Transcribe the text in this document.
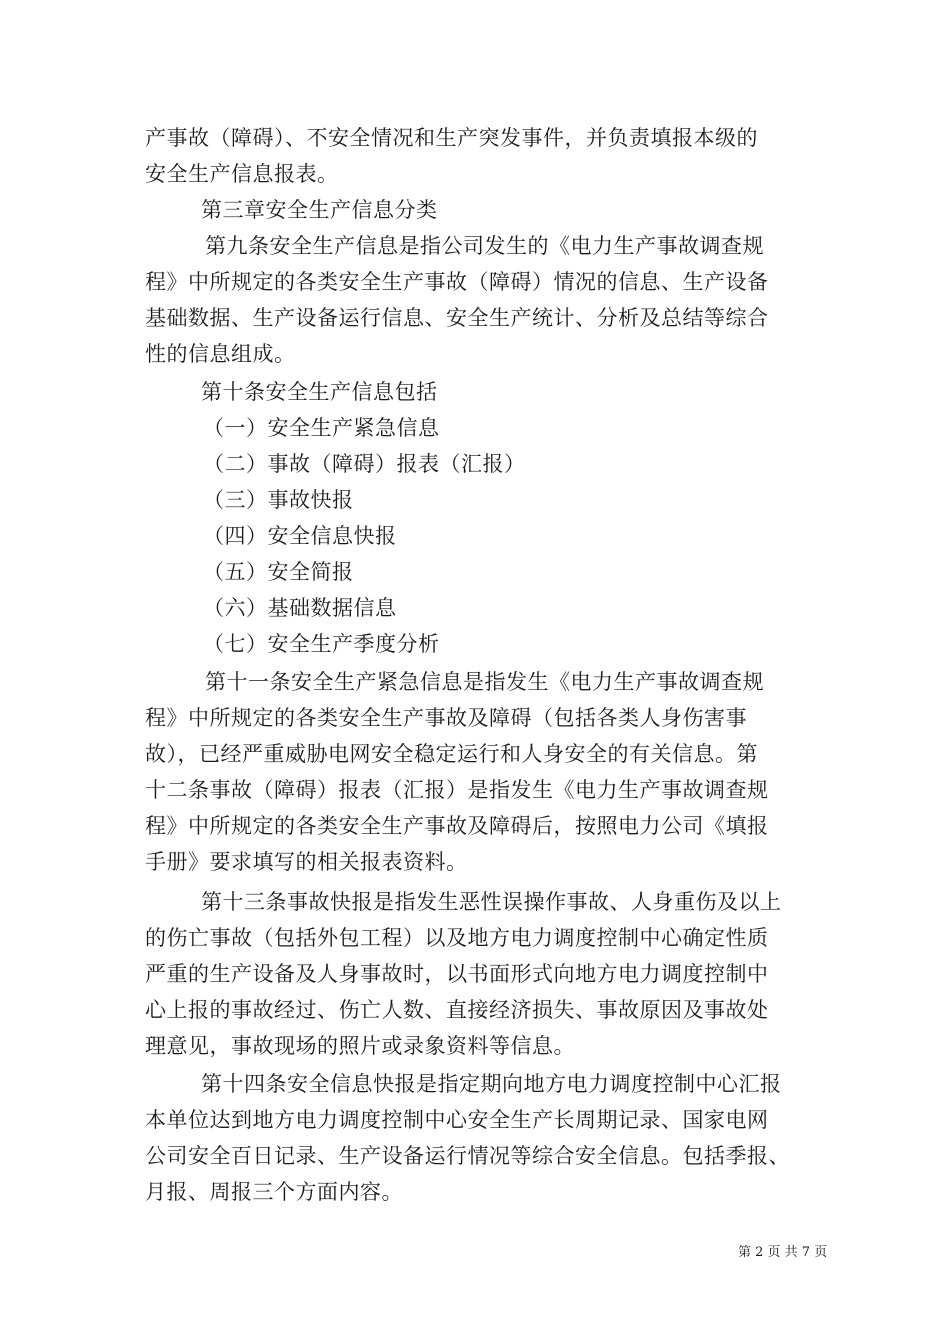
产事故（障碍）、不安全情况和生产突发事件，并负责填报本级的
安全生产信息报表。
第三章安全生产信息分类
第九条安全生产信息是指公司发生的《电力生产事故调查规
程》中所规定的各类安全生产事故（障碍）情况的信息、生产设备
基础数据、生产设备运行信息、安全生产统计、分析及总结等综合
性的信息组成。
第十条安全生产信息包括
（一）安全生产紧急信息
（二）事故（障碍）报表（汇报）
（三）事故快报
（四）安全信息快报
（五）安全简报
（六）基础数据信息
（七）安全生产季度分析
第十一条安全生产紧急信息是指发生《电力生产事故调查规
程》中所规定的各类安全生产事故及障碍（包括各类人身伤害事
故），已经严重威胁电网安全稳定运行和人身安全的有关信息。第
十二条事故（障碍）报表（汇报）是指发生《电力生产事故调查规
程》中所规定的各类安全生产事故及障碍后，按照电力公司《填报
手册》要求填写的相关报表资料。
第十三条事故快报是指发生恶性误操作事故、人身重伤及以上
的伤亡事故（包括外包工程）以及地方电力调度控制中心确定性质
严重的生产设备及人身事故时，以书面形式向地方电力调度控制中
心上报的事故经过、伤亡人数、直接经济损失、事故原因及事故处
理意见，事故现场的照片或录象资料等信息。
第十四条安全信息快报是指定期向地方电力调度控制中心汇报
本单位达到地方电力调度控制中心安全生产长周期记录、国家电网
公司安全百日记录、生产设备运行情况等综合安全信息。包括季报、
月报、周报三个方面内容。
第 2 页 共 7 页
